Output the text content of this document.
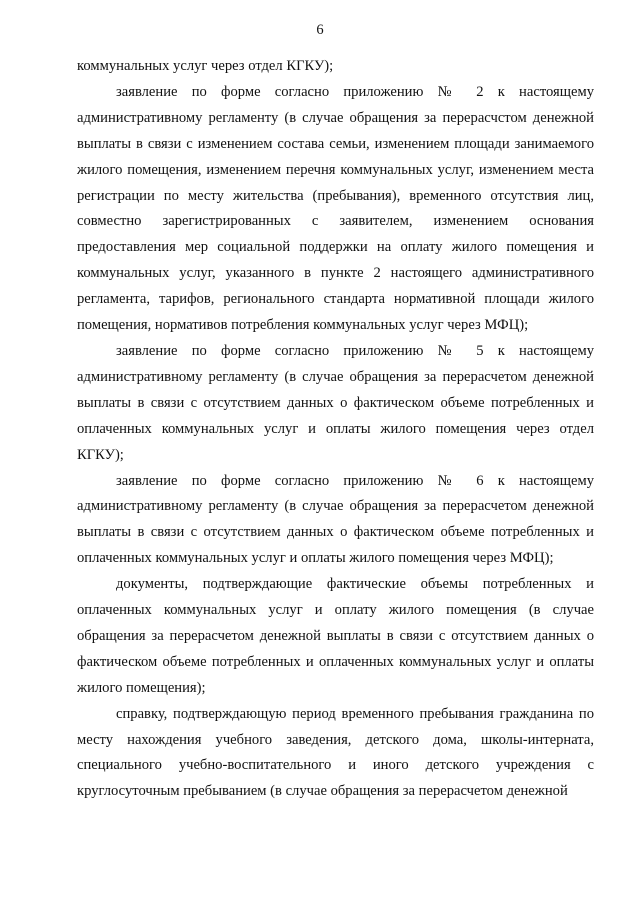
6

коммунальных услуг через отдел КГКУ);

заявление по форме согласно приложению № 2 к настоящему административному регламенту (в случае обращения за перерасчстом денежной выплаты в связи с изменением состава семьи, изменением площади занимаемого жилого помещения, изменением перечня коммунальных услуг, изменением места регистрации по месту жительства (пребывания), временного отсутствия лиц, совместно зарегистрированных с заявителем, изменением основания предоставления мер социальной поддержки на оплату жилого помещения и коммунальных услуг, указанного в пункте 2 настоящего административного регламента, тарифов, регионального стандарта нормативной площади жилого помещения, нормативов потребления коммунальных услуг через МФЦ);

заявление по форме согласно приложению № 5 к настоящему административному регламенту (в случае обращения за перерасчетом денежной выплаты в связи с отсутствием данных о фактическом объеме потребленных и оплаченных коммунальных услуг и оплаты жилого помещения через отдел КГКУ);

заявление по форме согласно приложению № 6 к настоящему административному регламенту (в случае обращения за перерасчетом денежной выплаты в связи с отсутствием данных о фактическом объеме потребленных и оплаченных коммунальных услуг и оплаты жилого помещения через МФЦ);

документы, подтверждающие фактические объемы потребленных и оплаченных коммунальных услуг и оплату жилого помещения (в случае обращения за перерасчетом денежной выплаты в связи с отсутствием данных о фактическом объеме потребленных и оплаченных коммунальных услуг и оплаты жилого помещения);

справку, подтверждающую период временного пребывания гражданина по месту нахождения учебного заведения, детского дома, школы-интерната, специального учебно-воспитательного и иного детского учреждения с круглосуточным пребыванием (в случае обращения за перерасчетом денежной
